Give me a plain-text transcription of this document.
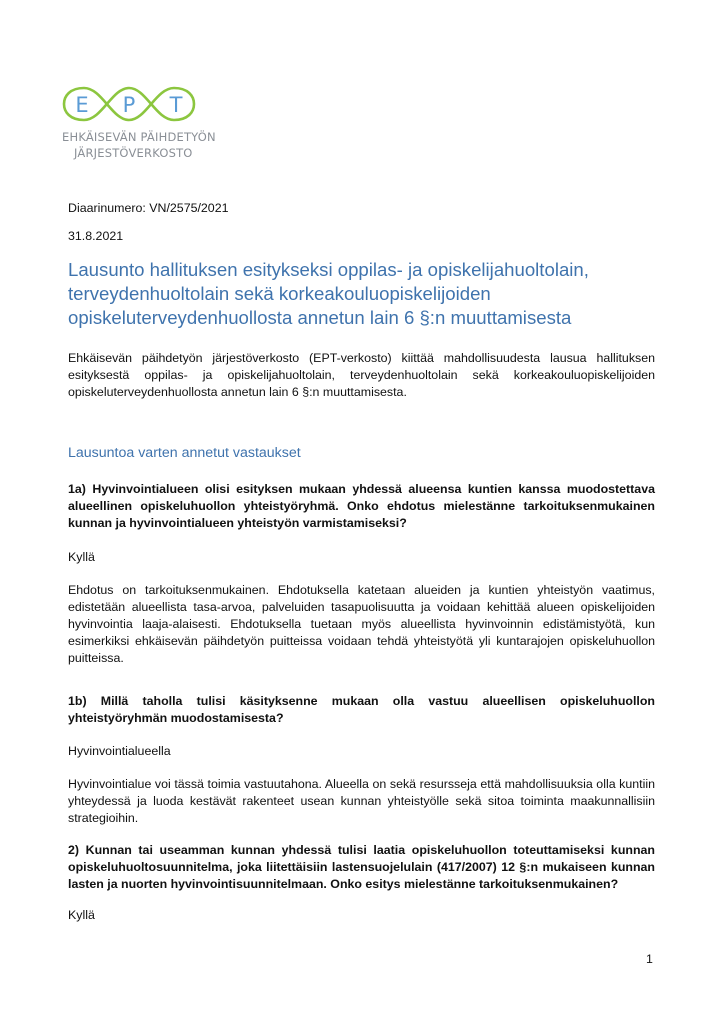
E P T
EHKÄISEVÄN PÄIHDETYÖN
JÄRJESTÖVERKOSTO
Diaarinumero: VN/2575/2021
31.8.2021
Lausunto hallituksen esitykseksi oppilas- ja opiskelijahuoltolain, terveydenhuoltolain sekä korkeakouluopiskelijoiden opiskeluterveydenhuollosta annetun lain 6 §:n muuttamisesta
Ehkäisevän päihdetyön järjestöverkosto (EPT-verkosto) kiittää mahdollisuudesta lausua hallituksen esityksestä oppilas- ja opiskelijahuoltolain, terveydenhuoltolain sekä korkeakouluopiskelijoiden opiskeluterveydenhuollosta annetun lain 6 §:n muuttamisesta.
Lausuntoa varten annetut vastaukset
1a) Hyvinvointialueen olisi esityksen mukaan yhdessä alueensa kuntien kanssa muodostettava alueellinen opiskeluhuollon yhteistyöryhmä. Onko ehdotus mielestänne tarkoituksenmukainen kunnan ja hyvinvointialueen yhteistyön varmistamiseksi?
Kyllä
Ehdotus on tarkoituksenmukainen. Ehdotuksella katetaan alueiden ja kuntien yhteistyön vaatimus, edistetään alueellista tasa-arvoa, palveluiden tasapuolisuutta ja voidaan kehittää alueen opiskelijoiden hyvinvointia laaja-alaisesti. Ehdotuksella tuetaan myös alueellista hyvinvoinnin edistämistyötä, kun esimerkiksi ehkäisevän päihdetyön puitteissa voidaan tehdä yhteistyötä yli kuntarajojen opiskeluhuollon puitteissa.
1b) Millä taholla tulisi käsityksenne mukaan olla vastuu alueellisen opiskeluhuollon yhteistyöryhmän muodostamisesta?
Hyvinvointialueella
Hyvinvointialue voi tässä toimia vastuutahona. Alueella on sekä resursseja että mahdollisuuksia olla kuntiin yhteydessä ja luoda kestävät rakenteet usean kunnan yhteistyölle sekä sitoa toiminta maakunnallisiin strategioihin.
2) Kunnan tai useamman kunnan yhdessä tulisi laatia opiskeluhuollon toteuttamiseksi kunnan opiskeluhuoltosuunnitelma, joka liitettäisiin lastensuojelulain (417/2007) 12 §:n mukaiseen kunnan lasten ja nuorten hyvinvointisuunnitelmaan. Onko esitys mielestänne tarkoituksenmukainen?
Kyllä
1
